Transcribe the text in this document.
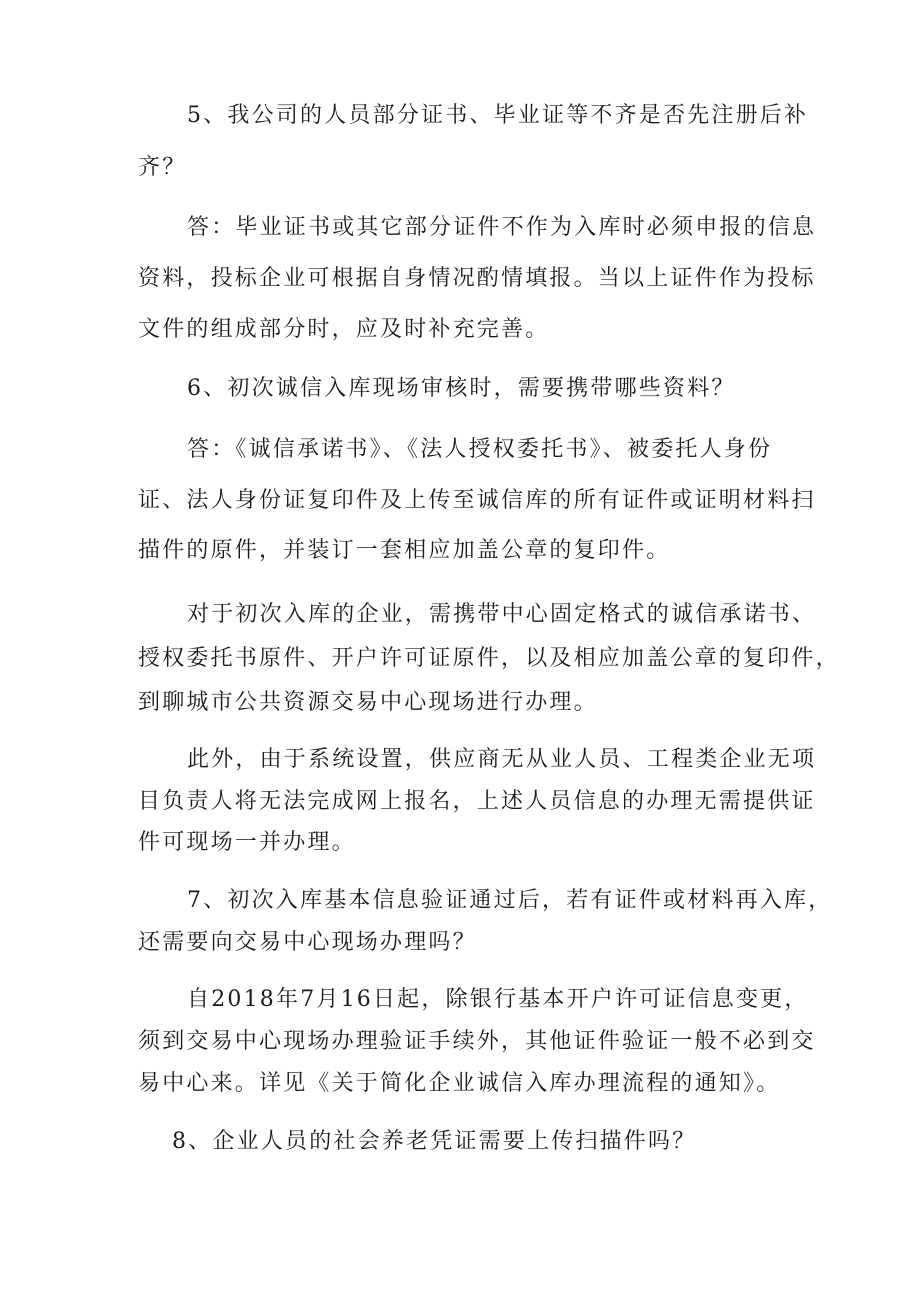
5、我公司的人员部分证书、毕业证等不齐是否先注册后补

齐？

答：毕业证书或其它部分证件不作为入库时必须申报的信息

资料，投标企业可根据自身情况酌情填报。当以上证件作为投标

文件的组成部分时，应及时补充完善。

6、初次诚信入库现场审核时，需要携带哪些资料？

答：《诚信承诺书》、《法人授权委托书》、被委托人身份

证、法人身份证复印件及上传至诚信库的所有证件或证明材料扫

描件的原件，并装订一套相应加盖公章的复印件。

对于初次入库的企业，需携带中心固定格式的诚信承诺书、

授权委托书原件、开户许可证原件，以及相应加盖公章的复印件，

到聊城市公共资源交易中心现场进行办理。

此外，由于系统设置，供应商无从业人员、工程类企业无项

目负责人将无法完成网上报名，上述人员信息的办理无需提供证

件可现场一并办理。

7、初次入库基本信息验证通过后，若有证件或材料再入库，

还需要向交易中心现场办理吗？

自2018年7月16日起，除银行基本开户许可证信息变更，

须到交易中心现场办理验证手续外，其他证件验证一般不必到交

易中心来。详见《关于简化企业诚信入库办理流程的通知》。

8、企业人员的社会养老凭证需要上传扫描件吗？
